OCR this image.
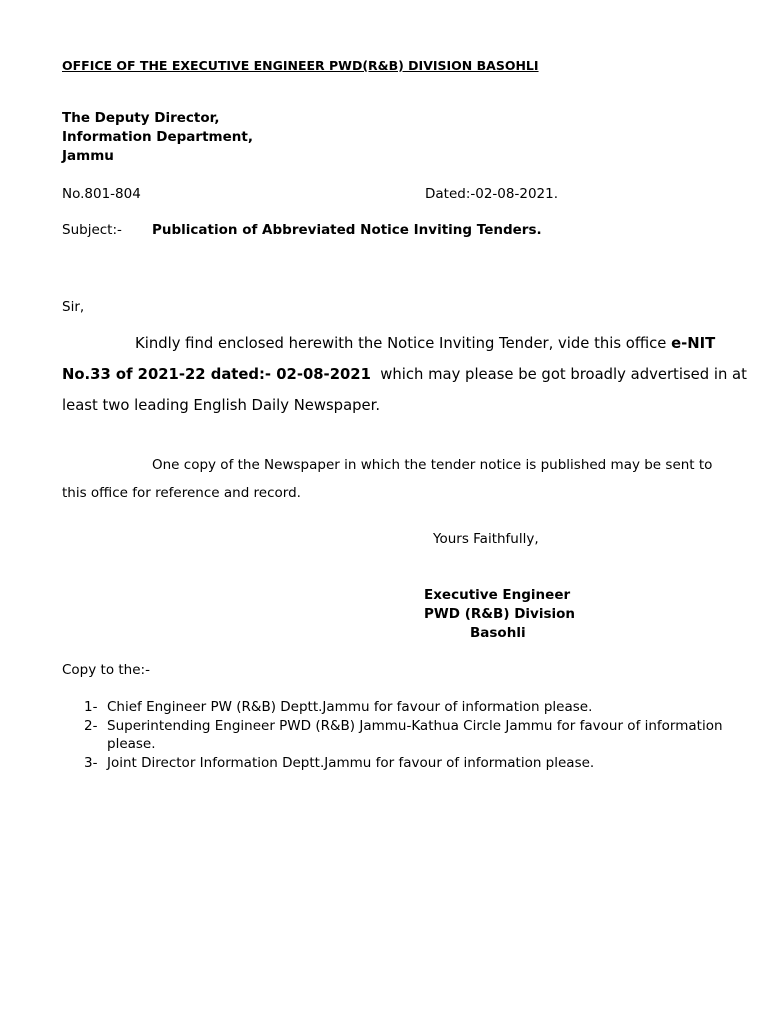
OFFICE OF THE EXECUTIVE ENGINEER PWD(R&B) DIVISION BASOHLI
The Deputy Director,
Information Department,
Jammu
No.801-804	Dated:-02-08-2021.
Subject:- Publication of Abbreviated Notice Inviting Tenders.
Sir,
Kindly find enclosed herewith the Notice Inviting Tender, vide this office e-NIT
No.33 of 2021-22 dated:- 02-08-2021 which may please be got broadly advertised in at
least two leading English Daily Newspaper.
One copy of the Newspaper in which the tender notice is published may be sent to
this office for reference and record.
Yours Faithfully,
Executive Engineer
PWD (R&B) Division
Basohli
Copy to the:-
1- Chief Engineer PW (R&B) Deptt.Jammu for favour of information please.
2- Superintending Engineer PWD (R&B) Jammu-Kathua Circle Jammu for favour of information please.
3- Joint Director Information Deptt.Jammu for favour of information please.
